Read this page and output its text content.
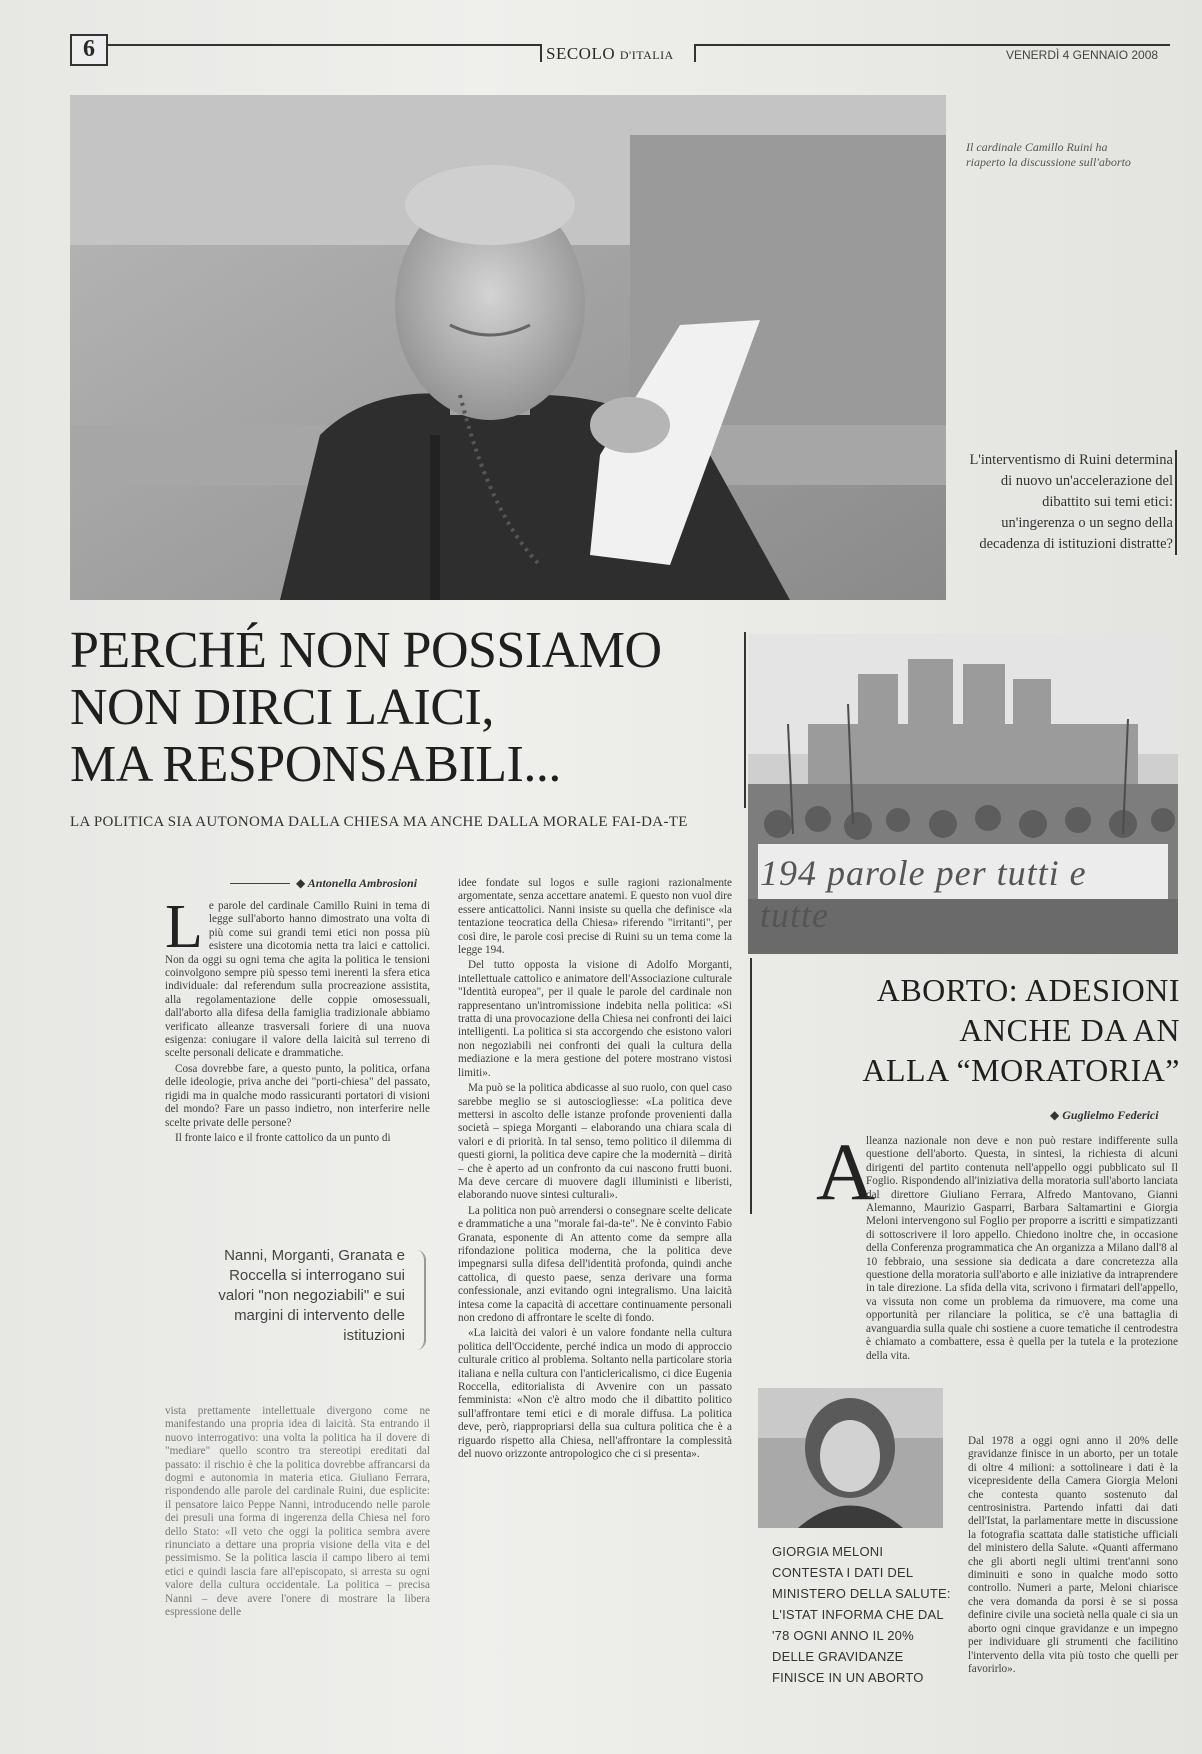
6	SECOLO D'ITALIA	VENERDÌ 4 GENNAIO 2008
Il cardinale Camillo Ruini ha riaperto la discussione sull'aborto
L'interventismo di Ruini determina di nuovo un'accelerazione del dibattito sui temi etici: un'ingerenza o un segno della decadenza di istituzioni distratte?
PERCHÉ NON POSSIAMO
NON DIRCI LAICI,
MA RESPONSABILI...
LA POLITICA SIA AUTONOMA DALLA CHIESA MA ANCHE DALLA MORALE FAI-DA-TE
◆ Antonella Ambrosioni
L e parole del cardinale Camillo Ruini in tema di legge sull'aborto hanno dimostrato una volta di più come sui grandi temi etici non possa più esistere una dicotomia netta tra laici e cattolici. Non da oggi su ogni tema che agita la politica le tensioni coinvolgono sempre più spesso temi inerenti la sfera etica individuale: dal referendum sulla procreazione assistita, alla regolamentazione delle coppie omosessuali, dall'aborto alla difesa della famiglia tradizionale abbiamo verificato alleanze trasversali foriere di una nuova esigenza: coniugare il valore della laicità sul terreno di scelte personali delicate e drammatiche.

Cosa dovrebbe fare, a questo punto, la politica, orfana delle ideologie, priva anche dei "porti-chiesa" del passato, rigidi ma in qualche modo rassicuranti portatori di visioni del mondo? Fare un passo indietro, non interferire nelle scelte private delle persone?

Il fronte laico e il fronte cattolico da un punto di

Nanni, Morganti, Granata e Roccella si interrogano sui valori "non negoziabili" e sui margini di intervento delle istituzioni

vista prettamente intellettuale divergono come ne manifestando una propria idea di laicità. Sta entrando il nuovo interrogativo: una volta la politica ha il dovere di "mediare" quello scontro tra stereotipi ereditati dal passato: il rischio è che la politica dovrebbe affrancarsi da dogmi e autonomia in materia etica. Giuliano Ferrara, rispondendo alle parole del cardinale Ruini, due esplicite: il pensatore laico Peppe Nanni, introducendo nelle parole dei presuli una forma di ingerenza della Chiesa nel foro dello Stato: «Il veto che oggi la politica sembra avere rinunciato a dettare una propria visione della vita e del pessimismo. Se la politica lascia il campo libero ai temi etici e quindi lascia fare all'episcopato, si arresta su ogni valore della cultura occidentale. La politica – precisa Nanni – deve avere l'onere di mostrare la libera espressione delle

idee fondate sul logos e sulle ragioni razionalmente argomentate, senza accettare anatemi. E questo non vuol dire essere anticattolici. Nanni insiste su quella che definisce «la tentazione teocratica della Chiesa» riferendo "irritanti", per così dire, le parole così precise di Ruini su un tema come la legge 194.

Del tutto opposta la visione di Adolfo Morganti, intellettuale cattolico e animatore dell'Associazione culturale "Identità europea", per il quale le parole del cardinale non rappresentano un'intromissione indebita nella politica: «Si tratta di una provocazione della Chiesa nei confronti dei laici intelligenti. La politica si sta accorgendo che esistono valori non negoziabili nei confronti dei quali la cultura della mediazione e la mera gestione del potere mostrano vistosi limiti».

Ma può se la politica abdicasse al suo ruolo, con quel caso sarebbe meglio se si autoscioglìesse: «La politica deve mettersi in ascolto delle istanze profonde provenienti dalla società – spiega Morganti – elaborando una chiara scala di valori e di priorità. In tal senso, temo politico il dilemma di questi giorni, la politica deve capire che la modernità – dirità – che è aperto ad un confronto da cui nascono frutti buoni. Ma deve cercare di muovere dagli illuministi e liberisti, elaborando nuove sintesi culturali».

La politica non può arrendersi o consegnare scelte delicate e drammatiche a una "morale fai-da-te". Ne è convinto Fabio Granata, esponente di An attento come da sempre alla rifondazione politica moderna, che la politica deve impegnarsi sulla difesa dell'identità profonda, quindi anche cattolica, di questo paese, senza derivare una forma confessionale, anzi evitando ogni integralismo. Una laicità intesa come la capacità di accettare continuamente personali non credono di affrontare le scelte di fondo.

«La laicità dei valori è un valore fondante nella cultura politica dell'Occidente, perché indica un modo di approccio culturale critico al problema. Soltanto nella particolare storia italiana e nella cultura con l'anticlericalismo, ci dice Eugenia Roccella, editorialista di Avvenire con un passato femminista: «Non c'è altro modo che il dibattito politico sull'affrontare temi etici e di morale diffusa. La politica deve, però, riappropriarsi della sua cultura politica che è a riguardo rispetto alla Chiesa, nell'affrontare la complessità del nuovo orizzonte antropologico che ci si presenta».

194 parole per tutti e tutte
ABORTO: ADESIONI
ANCHE DA AN
ALLA “MORATORIA”
◆ Guglielmo Federici
A

lleanza nazionale non deve e non può restare indifferente sulla questione dell'aborto. Questa, in sintesi, la richiesta di alcuni dirigenti del partito contenuta nell'appello oggi pubblicato sul Il Foglio. Rispondendo all'iniziativa della moratoria sull'aborto lanciata dal direttore Giuliano Ferrara, Alfredo Mantovano, Gianni Alemanno, Maurizio Gasparri, Barbara Saltamartini e Giorgia Meloni intervengono sul Foglio per proporre a iscritti e simpatizzanti di sottoscrivere il loro appello. Chiedono inoltre che, in occasione della Conferenza programmatica che An organizza a Milano dall'8 al 10 febbraio, una sessione sia dedicata a dare concretezza alla questione della moratoria sull'aborto e alle iniziative da intraprendere in tale direzione. La sfida della vita, scrivono i firmatari dell'appello, va vissuta non come un problema da rimuovere, ma come una opportunità per rilanciare la politica, se c'è una battaglia di avanguardia sulla quale chi sostiene a cuore tematiche il centrodestra è chiamato a combattere, essa è quella per la tutela e la protezione della vita.

Dal 1978 a oggi ogni anno il 20% delle gravidanze finisce in un aborto, per un totale di oltre 4 milioni: a sottolineare i dati è la vicepresidente della Camera Giorgia Meloni che contesta quanto sostenuto dal centrosinistra. Partendo infatti dai dati dell'Istat, la parlamentare mette in discussione la fotografia scattata dalle statistiche ufficiali del ministero della Salute. «Quanti affermano che gli aborti negli ultimi trent'anni sono diminuiti e sono in qualche modo sotto controllo. Numeri a parte, Meloni chiarisce che vera domanda da porsi è se si possa definire civile una società nella quale ci sia un aborto ogni cinque gravidanze e un impegno per individuare gli strumenti che facilitino l'intervento della vita più tosto che quelli per favorirlo».

GIORGIA MELONI CONTESTA I DATI DEL MINISTERO DELLA SALUTE: L'ISTAT INFORMA CHE DAL '78 OGNI ANNO IL 20% DELLE GRAVIDANZE FINISCE IN UN ABORTO
